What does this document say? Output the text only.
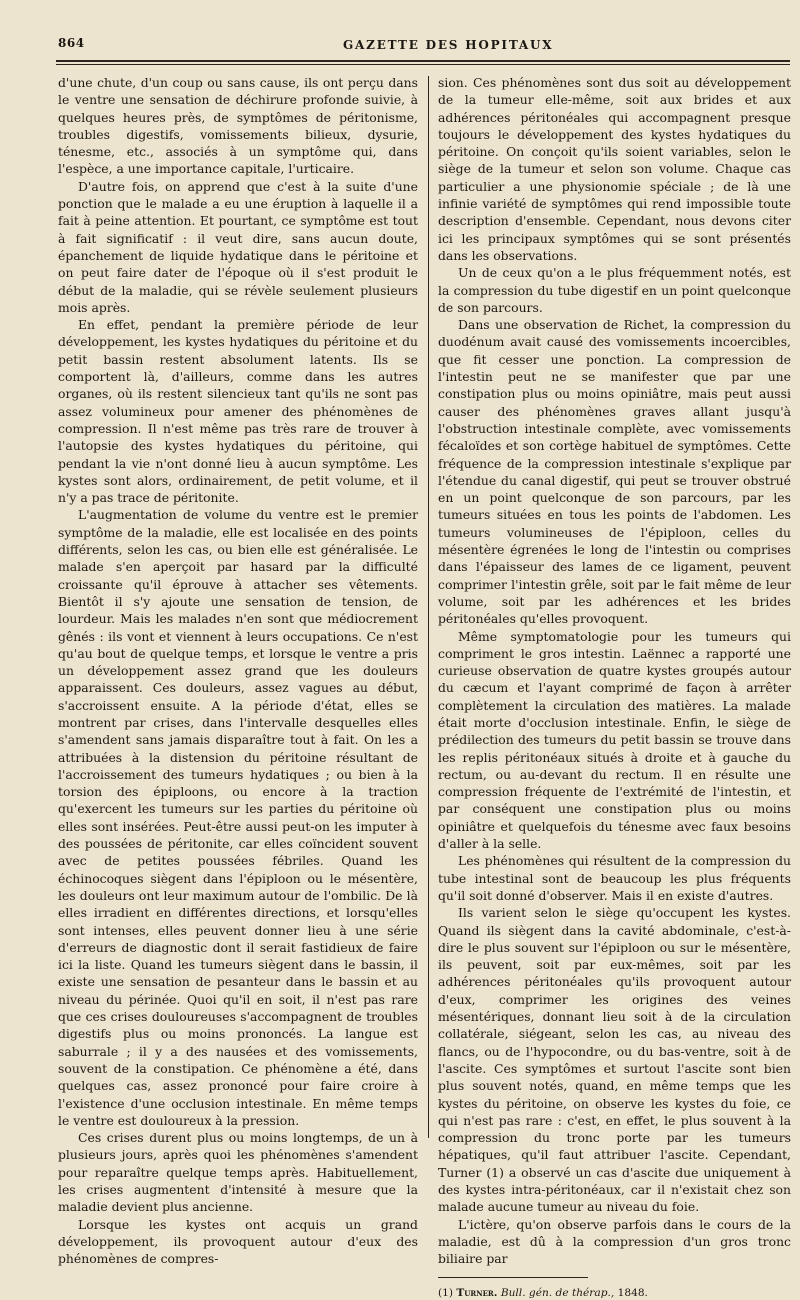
864	GAZETTE DES HOPITAUX

d'une chute, d'un coup ou sans cause, ils ont perçu dans le ventre une sensation de déchirure profonde suivie, à quelques heures près, de symptômes de péritonisme, troubles digestifs, vomissements bilieux, dysurie, ténesme, etc., associés à un symptôme qui, dans l'espèce, a une importance capitale, l'urticaire.

D'autre fois, on apprend que c'est à la suite d'une ponction que le malade a eu une éruption à laquelle il a fait à peine attention. Et pourtant, ce symptôme est tout à fait significatif : il veut dire, sans aucun doute, épanchement de liquide hydatique dans le péritoine et on peut faire dater de l'époque où il s'est produit le début de la maladie, qui se révèle seulement plusieurs mois après.

En effet, pendant la première période de leur développement, les kystes hydatiques du péritoine et du petit bassin restent absolument latents. Ils se comportent là, d'ailleurs, comme dans les autres organes, où ils restent silencieux tant qu'ils ne sont pas assez volumineux pour amener des phénomènes de compression. Il n'est même pas très rare de trouver à l'autopsie des kystes hydatiques du péritoine, qui pendant la vie n'ont donné lieu à aucun symptôme. Les kystes sont alors, ordinairement, de petit volume, et il n'y a pas trace de péritonite.

L'augmentation de volume du ventre est le premier symptôme de la maladie, elle est localisée en des points différents, selon les cas, ou bien elle est généralisée. Le malade s'en aperçoit par hasard par la difficulté croissante qu'il éprouve à attacher ses vêtements. Bientôt il s'y ajoute une sensation de tension, de lourdeur. Mais les malades n'en sont que médiocrement gênés : ils vont et viennent à leurs occupations. Ce n'est qu'au bout de quelque temps, et lorsque le ventre a pris un développement assez grand que les douleurs apparaissent. Ces douleurs, assez vagues au début, s'accroissent ensuite. A la période d'état, elles se montrent par crises, dans l'intervalle desquelles elles s'amendent sans jamais disparaître tout à fait. On les a attribuées à la distension du péritoine résultant de l'accroissement des tumeurs hydatiques ; ou bien à la torsion des épiploons, ou encore à la traction qu'exercent les tumeurs sur les parties du péritoine où elles sont insérées. Peut-être aussi peut-on les imputer à des poussées de péritonite, car elles coïncident souvent avec de petites poussées fébriles. Quand les échinocoques siègent dans l'épiploon ou le mésentère, les douleurs ont leur maximum autour de l'ombilic. De là elles irradient en différentes directions, et lorsqu'elles sont intenses, elles peuvent donner lieu à une série d'erreurs de diagnostic dont il serait fastidieux de faire ici la liste. Quand les tumeurs siègent dans le bassin, il existe une sensation de pesanteur dans le bassin et au niveau du périnée. Quoi qu'il en soit, il n'est pas rare que ces crises douloureuses s'accompagnent de troubles digestifs plus ou moins prononcés. La langue est saburrale ; il y a des nausées et des vomissements, souvent de la constipation. Ce phénomène a été, dans quelques cas, assez prononcé pour faire croire à l'existence d'une occlusion intestinale. En même temps le ventre est douloureux à la pression.

Ces crises durent plus ou moins longtemps, de un à plusieurs jours, après quoi les phénomènes s'amendent pour reparaître quelque temps après. Habituellement, les crises augmentent d'intensité à mesure que la maladie devient plus ancienne.

Lorsque les kystes ont acquis un grand développement, ils provoquent autour d'eux des phénomènes de compres-

sion. Ces phénomènes sont dus soit au développement de la tumeur elle-même, soit aux brides et aux adhérences péritonéales qui accompagnent presque toujours le développement des kystes hydatiques du péritoine. On conçoit qu'ils soient variables, selon le siège de la tumeur et selon son volume. Chaque cas particulier a une physionomie spéciale ; de là une infinie variété de symptômes qui rend impossible toute description d'ensemble. Cependant, nous devons citer ici les principaux symptômes qui se sont présentés dans les observations.

Un de ceux qu'on a le plus fréquemment notés, est la compression du tube digestif en un point quelconque de son parcours.

Dans une observation de Richet, la compression du duodénum avait causé des vomissements incoercibles, que fit cesser une ponction. La compression de l'intestin peut ne se manifester que par une constipation plus ou moins opiniâtre, mais peut aussi causer des phénomènes graves allant jusqu'à l'obstruction intestinale complète, avec vomissements fécaloïdes et son cortège habituel de symptômes. Cette fréquence de la compression intestinale s'explique par l'étendue du canal digestif, qui peut se trouver obstrué en un point quelconque de son parcours, par les tumeurs situées en tous les points de l'abdomen. Les tumeurs volumineuses de l'épiploon, celles du mésentère égrenées le long de l'intestin ou comprises dans l'épaisseur des lames de ce ligament, peuvent comprimer l'intestin grêle, soit par le fait même de leur volume, soit par les adhérences et les brides péritonéales qu'elles provoquent.

Même symptomatologie pour les tumeurs qui compriment le gros intestin. Laënnec a rapporté une curieuse observation de quatre kystes groupés autour du cæcum et l'ayant comprimé de façon à arrêter complètement la circulation des matières. La malade était morte d'occlusion intestinale. Enfin, le siège de prédilection des tumeurs du petit bassin se trouve dans les replis péritonéaux situés à droite et à gauche du rectum, ou au-devant du rectum. Il en résulte une compression fréquente de l'extrémité de l'intestin, et par conséquent une constipation plus ou moins opiniâtre et quelquefois du ténesme avec faux besoins d'aller à la selle.

Les phénomènes qui résultent de la compression du tube intestinal sont de beaucoup les plus fréquents qu'il soit donné d'observer. Mais il en existe d'autres.

Ils varient selon le siège qu'occupent les kystes. Quand ils siègent dans la cavité abdominale, c'est-à-dire le plus souvent sur l'épiploon ou sur le mésentère, ils peuvent, soit par eux-mêmes, soit par les adhérences péritonéales qu'ils provoquent autour d'eux, comprimer les origines des veines mésentériques, donnant lieu soit à de la circulation collatérale, siégeant, selon les cas, au niveau des flancs, ou de l'hypocondre, ou du bas-ventre, soit à de l'ascite. Ces symptômes et surtout l'ascite sont bien plus souvent notés, quand, en même temps que les kystes du péritoine, on observe les kystes du foie, ce qui n'est pas rare : c'est, en effet, le plus souvent à la compression du tronc porte par les tumeurs hépatiques, qu'il faut attribuer l'ascite. Cependant, Turner (1) a observé un cas d'ascite due uniquement à des kystes intra-péritonéaux, car il n'existait chez son malade aucune tumeur au niveau du foie.

L'ictère, qu'on observe parfois dans le cours de la maladie, est dû à la compression d'un gros tronc biliaire par

(1) Turner. Bull. gén. de thérap., 1848.
